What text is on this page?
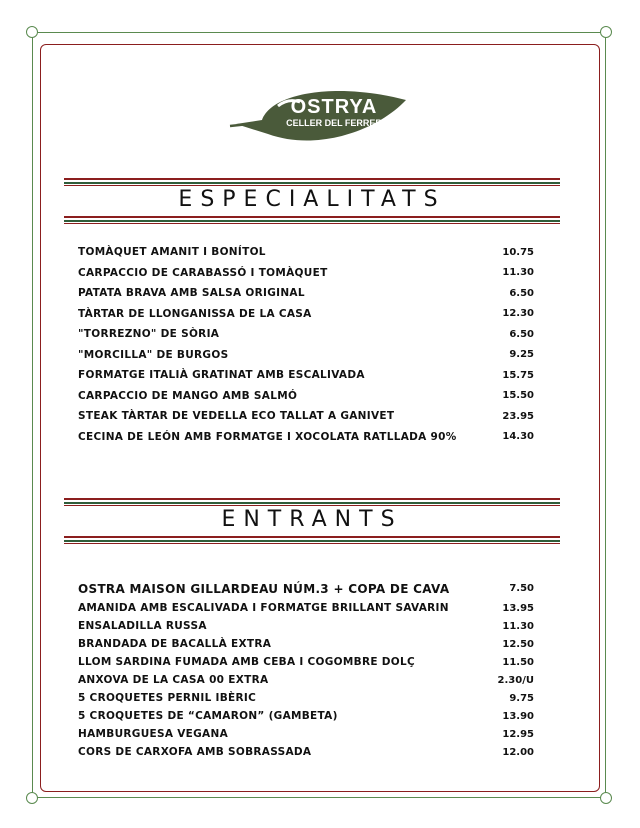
OSTRYA
CELLER DEL FERRER
ESPECIALITATS
TOMÀQUET AMANIT I BONÍTOL	10.75
CARPACCIO DE CARABASSÓ I TOMÀQUET	11.30
PATATA BRAVA AMB SALSA ORIGINAL	6.50
TÀRTAR DE LLONGANISSA DE LA CASA	12.30
"TORREZNO" DE SÒRIA	6.50
"MORCILLA" DE BURGOS	9.25
FORMATGE ITALIÀ GRATINAT AMB ESCALIVADA	15.75
CARPACCIO DE MANGO AMB SALMÓ	15.50
STEAK TÀRTAR DE VEDELLA ECO TALLAT A GANIVET	23.95
CECINA DE LEÓN AMB FORMATGE I XOCOLATA RATLLADA 90%	14.30
ENTRANTS
OSTRA MAISON GILLARDEAU NÚM.3 + COPA DE CAVA	7.50
AMANIDA AMB ESCALIVADA I FORMATGE BRILLANT SAVARIN	13.95
ENSALADILLA RUSSA	11.30
BRANDADA DE BACALLÀ EXTRA	12.50
LLOM SARDINA FUMADA AMB CEBA I COGOMBRE DOLÇ	11.50
ANXOVA DE LA CASA 00 EXTRA	2.30/U
5 CROQUETES PERNIL IBÈRIC	9.75
5 CROQUETES DE “CAMARON” (GAMBETA)	13.90
HAMBURGUESA VEGANA	12.95
CORS DE CARXOFA AMB SOBRASSADA	12.00
